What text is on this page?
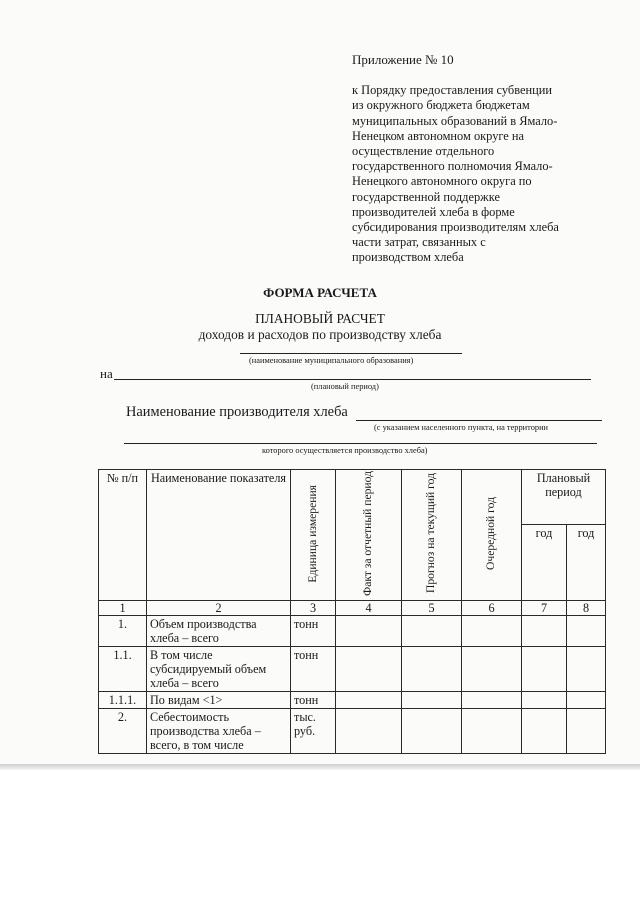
Приложение № 10
к Порядку предоставления субвенции
из окружного бюджета бюджетам
муниципальных образований в Ямало-
Ненецком автономном округе на
осуществление отдельного
государственного полномочия Ямало-
Ненецкого автономного округа по
государственной поддержке
производителей хлеба в форме
субсидирования производителям хлеба
части затрат, связанных с
производством хлеба
ФОРМА РАСЧЕТА
ПЛАНОВЫЙ РАСЧЕТ
доходов и расходов по производству хлеба
(наименование муниципального образования)
на
(плановый период)
Наименование производителя хлеба
(с указанием населенного пункта, на территории
которого осуществляется производство хлеба)
№ п/п	Наименование показателя	Единица измерения	Факт за отчетный период	Прогноз на текущий год	Очередной год	Плановый период	
						год	год
1	2	3	4	5	6	7	8
1.	Объем производства хлеба – всего	тонн					
1.1.	В том числе субсидируемый объем хлеба – всего	тонн					
1.1.1.	По видам <1>	тонн					
2.	Себестоимость производства хлеба – всего, в том числе	тыс. руб.					
